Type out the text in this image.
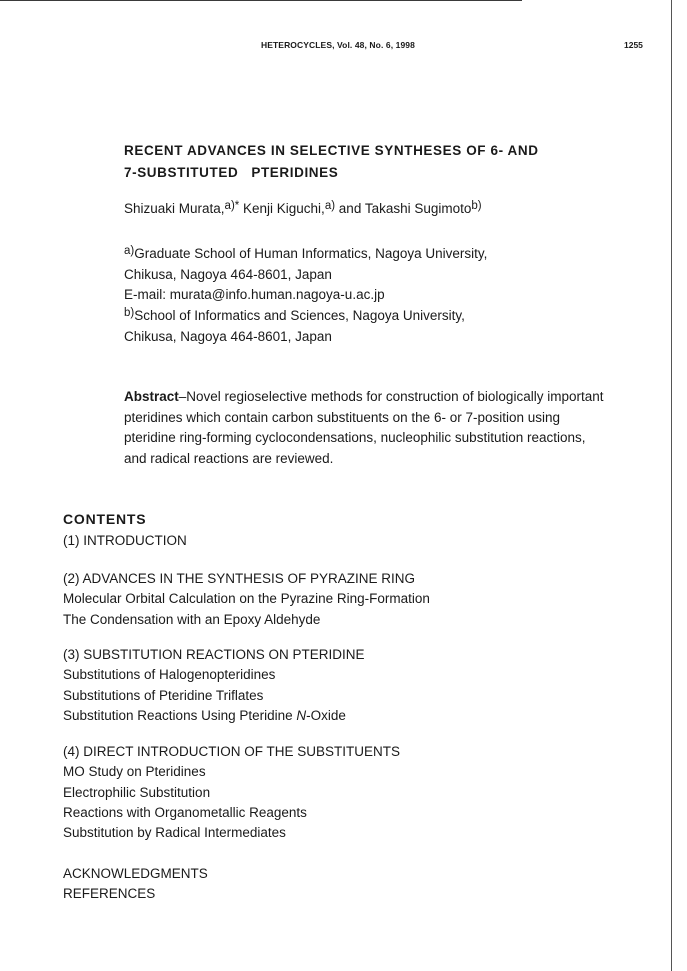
HETEROCYCLES, Vol. 48, No. 6, 1998	1255
RECENT ADVANCES IN SELECTIVE SYNTHESES OF 6- AND
7-SUBSTITUTED   PTERIDINES
Shizuaki Murata,a)* Kenji Kiguchi,a) and Takashi Sugimotob)
a)Graduate School of Human Informatics, Nagoya University,
Chikusa, Nagoya 464-8601, Japan
E-mail: murata@info.human.nagoya-u.ac.jp
b)School of Informatics and Sciences, Nagoya University,
Chikusa, Nagoya 464-8601, Japan
Abstract–Novel regioselective methods for construction of biologically important pteridines which contain carbon substituents on the 6- or 7-position using pteridine ring-forming cyclocondensations, nucleophilic substitution reactions, and radical reactions are reviewed.
CONTENTS
(1) INTRODUCTION
(2) ADVANCES IN THE SYNTHESIS OF PYRAZINE RING
Molecular Orbital Calculation on the Pyrazine Ring-Formation
The Condensation with an Epoxy Aldehyde
(3) SUBSTITUTION REACTIONS ON PTERIDINE
Substitutions of Halogenopteridines
Substitutions of Pteridine Triflates
Substitution Reactions Using Pteridine N-Oxide
(4) DIRECT INTRODUCTION OF THE SUBSTITUENTS
MO Study on Pteridines
Electrophilic Substitution
Reactions with Organometallic Reagents
Substitution by Radical Intermediates
ACKNOWLEDGMENTS
REFERENCES
